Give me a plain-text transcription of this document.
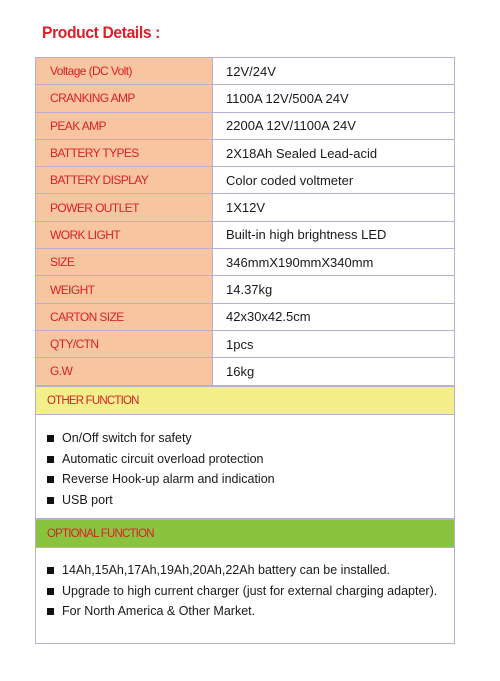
Product Details :
Voltage (DC Volt)	12V/24V
CRANKING AMP	1100A 12V/500A 24V
PEAK AMP	2200A 12V/1100A 24V
BATTERY TYPES	2X18Ah Sealed Lead-acid
BATTERY DISPLAY	Color coded voltmeter
POWER OUTLET	1X12V
WORK LIGHT	Built-in high brightness LED
SIZE	346mmX190mmX340mm
WEIGHT	14.37kg
CARTON SIZE	42x30x42.5cm
QTY/CTN	1pcs
G.W	16kg
OTHER FUNCTION
On/Off switch for safety
Automatic circuit overload protection
Reverse Hook-up alarm and indication
USB port
OPTIONAL FUNCTION
14Ah,15Ah,17Ah,19Ah,20Ah,22Ah battery can be installed.
Upgrade to high current charger (just for external charging adapter).
For North America & Other Market.
